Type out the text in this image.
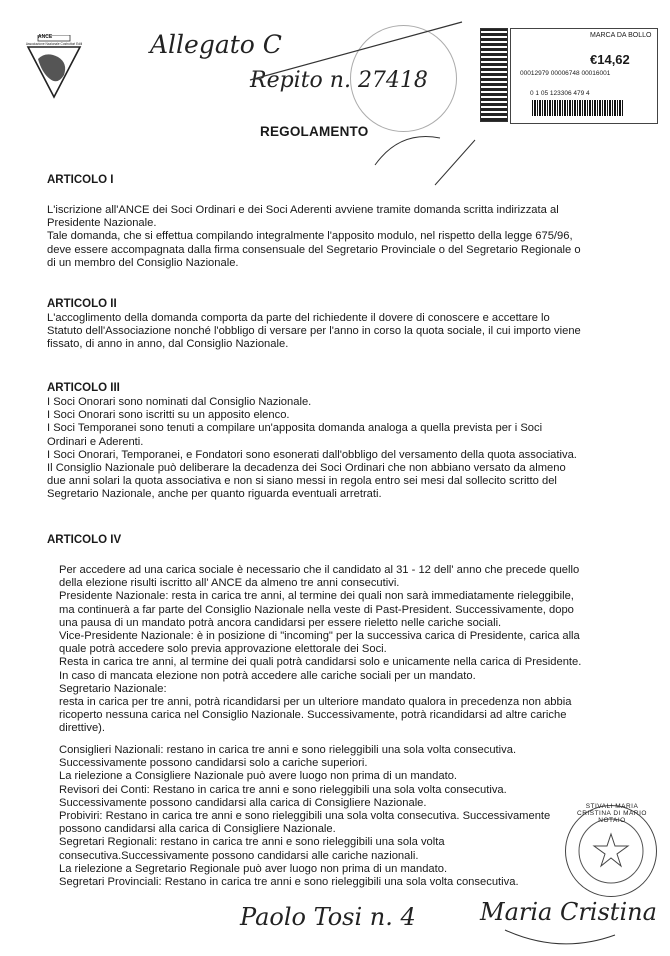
ANCE
Associazione Nazionale Costruttori Edili	Allegato C
Repito n. 27418
MARCA DA BOLLO
€14,62
00012979 00006748 00016001
0 1 05 123306 479 4
REGOLAMENTO
ARTICOLO I
L'iscrizione all'ANCE dei Soci Ordinari e dei Soci Aderenti avviene tramite domanda scritta indirizzata al
Presidente Nazionale.
Tale domanda, che si effettua compilando integralmente l'apposito modulo, nel rispetto della legge 675/96,
deve essere accompagnata dalla firma consensuale del Segretario Provinciale o del Segretario Regionale o
di un membro del Consiglio Nazionale.
ARTICOLO II
L'accoglimento della domanda comporta da parte del richiedente il dovere di conoscere e accettare lo
Statuto dell'Associazione nonché l'obbligo di versare per l'anno in corso la quota sociale, il cui importo viene
fissato, di anno in anno, dal Consiglio Nazionale.
ARTICOLO III
I Soci Onorari sono nominati dal Consiglio Nazionale.
I Soci Onorari sono iscritti su un apposito elenco.
I Soci Temporanei sono tenuti a compilare un'apposita domanda analoga a quella prevista per i Soci
Ordinari e Aderenti.
I Soci Onorari, Temporanei, e Fondatori sono esonerati dall'obbligo del versamento della quota associativa.
Il Consiglio Nazionale può deliberare la decadenza dei Soci Ordinari che non abbiano versato da almeno
due anni solari la quota associativa e non si siano messi in regola entro sei mesi dal sollecito scritto del
Segretario Nazionale, anche per quanto riguarda eventuali arretrati.
ARTICOLO IV
Per accedere ad una carica sociale è necessario che il candidato al 31 - 12 dell' anno che precede quello
della elezione risulti iscritto all' ANCE da almeno tre anni consecutivi.
Presidente Nazionale: resta in carica tre anni, al termine dei quali non sarà immediatamente rieleggibile,
ma continuerà a far parte del Consiglio Nazionale nella veste di Past-President. Successivamente, dopo
una pausa di un mandato potrà ancora candidarsi per essere rieletto nelle cariche sociali.
Vice-Presidente Nazionale: è in posizione di "incoming" per la successiva carica di Presidente, carica alla
quale potrà accedere solo previa approvazione elettorale dei Soci.
Resta in carica tre anni, al termine dei quali potrà candidarsi solo e unicamente nella carica di Presidente.
In caso di mancata elezione non potrà accedere alle cariche sociali per un mandato.
Segretario Nazionale:
resta in carica per tre anni, potrà ricandidarsi per un ulteriore mandato qualora in precedenza non abbia
ricoperto nessuna carica nel Consiglio Nazionale. Successivamente, potrà ricandidarsi ad altre cariche
direttive).
Consiglieri Nazionali: restano in carica tre anni e sono rieleggibili una sola volta consecutiva.
Successivamente possono candidarsi solo a cariche superiori.
La rielezione a Consigliere Nazionale può avere luogo non prima di un mandato.
Revisori dei Conti: Restano in carica tre anni e sono rieleggibili una sola volta consecutiva.
Successivamente possono candidarsi alla carica di Consigliere Nazionale.
Probiviri: Restano in carica tre anni e sono rieleggibili una sola volta consecutiva. Successivamente
possono candidarsi alla carica di Consigliere Nazionale.
Segretari Regionali: restano in carica tre anni e sono rieleggibili una sola volta
consecutiva.Successivamente possono candidarsi alle cariche nazionali.
La rielezione a Segretario Regionale può aver luogo non prima di un mandato.
Segretari Provinciali: Restano in carica tre anni e sono rieleggibili una sola volta consecutiva.
STIVALI MARIA CRISTINA DI MARIO NOTAIO
Paolo Tosi n. 4	Maria Cristina
